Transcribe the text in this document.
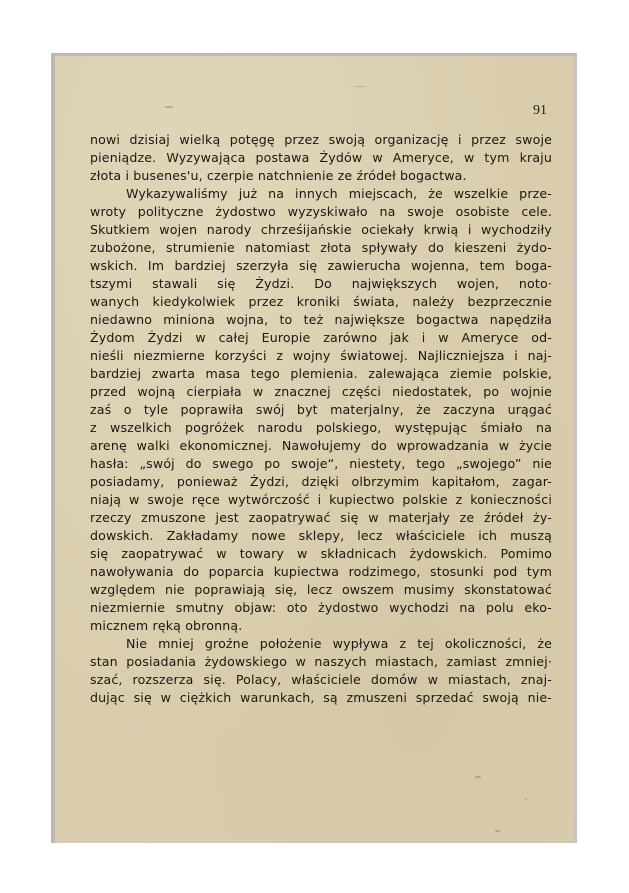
91
nowi dzisiaj wielką potęgę przez swoją organizację i przez swoje
pieniądze. Wyzywająca postawa Żydów w Ameryce, w tym kraju
złota i busenes'u, czerpie natchnienie ze źródeł bogactwa.
Wykazywaliśmy już na innych miejscach, że wszelkie prze-
wroty polityczne żydostwo wyzyskiwało na swoje osobiste cele.
Skutkiem wojen narody chrześijańskie ociekały krwią i wychodziły
zubożone, strumienie natomiast złota spływały do kieszeni żydo-
wskich. Im bardziej szerzyła się zawierucha wojenna, tem boga-
tszymi stawali się Żydzi. Do największych wojen, noto·
wanych kiedykolwiek przez kroniki świata, należy bezprzecznie
niedawno miniona wojna, to też największe bogactwa napędziła
Żydom Żydzi w całej Europie zarówno jak i w Ameryce od-
nieśli niezmierne korzyści z wojny światowej. Najliczniejsza i naj-
bardziej zwarta masa tego plemienia. zalewająca ziemie polskie,
przed wojną cierpiała w znacznej części niedostatek, po wojnie
zaś o tyle poprawiła swój byt materjalny, że zaczyna urągać
z wszelkich pogróżek narodu polskiego, występując śmiało na
arenę walki ekonomicznej. Nawołujemy do wprowadzania w życie
hasła: „swój do swego po swoje“, niestety, tego „swojego” nie
posiadamy, ponieważ Żydzi, dzięki olbrzymim kapitałom, zagar-
niają w swoje ręce wytwórczość i kupiectwo polskie z konieczności
rzeczy zmuszone jest zaopatrywać się w materjały ze źródeł ży-
dowskich. Zakładamy nowe sklepy, lecz właściciele ich muszą
się zaopatrywać w towary w składnicach żydowskich. Pomimo
nawoływania do poparcia kupiectwa rodzimego, stosunki pod tym
względem nie poprawiają się, lecz owszem musimy skonstatować
niezmiernie smutny objaw: oto żydostwo wychodzi na polu eko-
micznem ręką obronną.
Nie mniej groźne położenie wypływa z tej okoliczności, że
stan posiadania żydowskiego w naszych miastach, zamiast zmniej·
szać, rozszerza się. Polacy, właściciele domów w miastach, znaj-
dując się w ciężkich warunkach, są zmuszeni sprzedać swoją nie-
